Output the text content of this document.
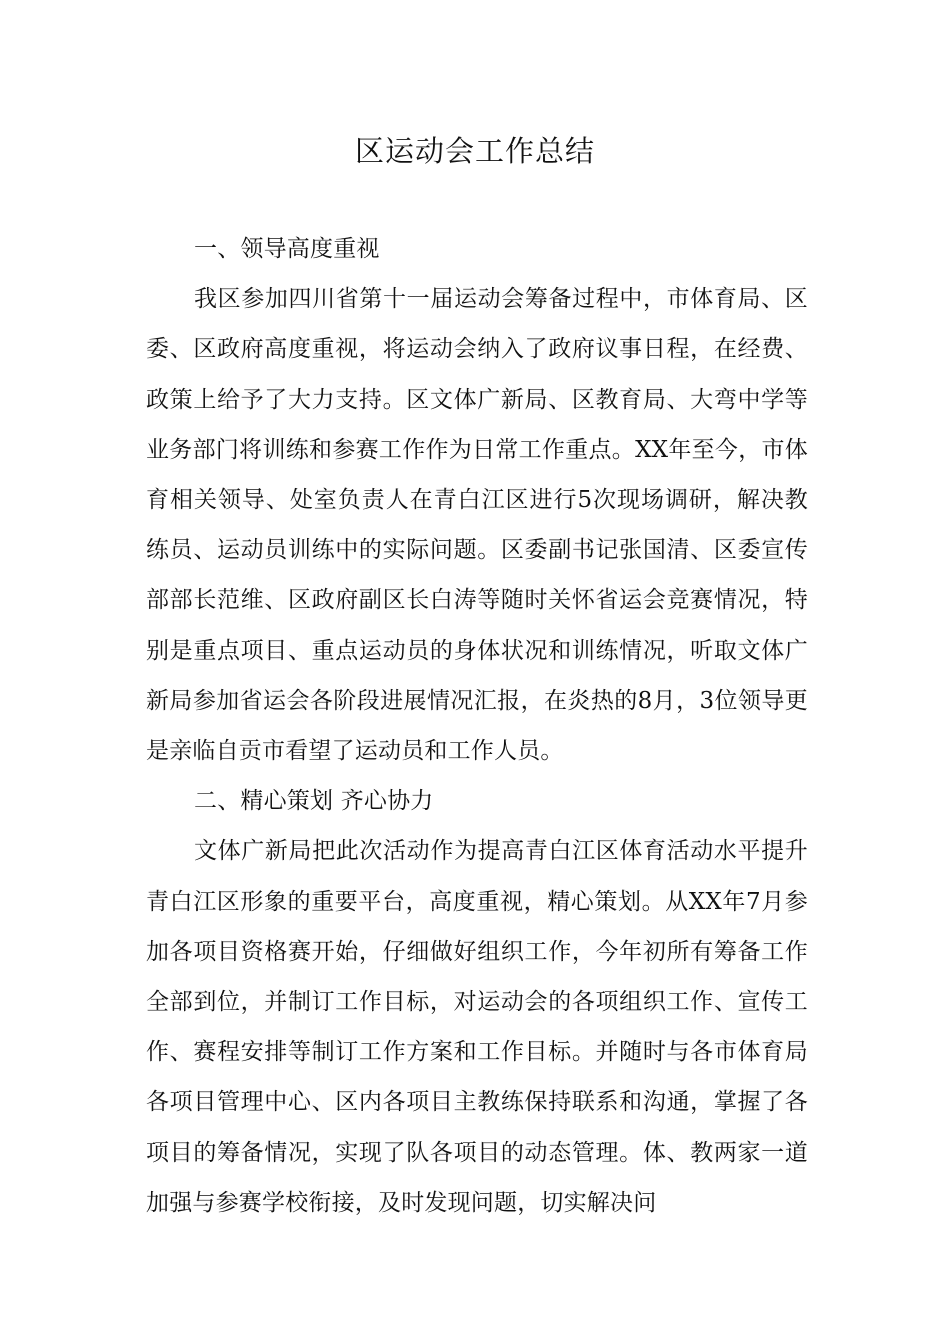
区运动会工作总结

一、领导高度重视

我区参加四川省第十一届运动会筹备过程中，市体育局、区委、区政府高度重视，将运动会纳入了政府议事日程，在经费、政策上给予了大力支持。区文体广新局、区教育局、大弯中学等业务部门将训练和参赛工作作为日常工作重点。XX年至今，市体育相关领导、处室负责人在青白江区进行5次现场调研，解决教练员、运动员训练中的实际问题。区委副书记张国清、区委宣传部部长范维、区政府副区长白涛等随时关怀省运会竞赛情况，特别是重点项目、重点运动员的身体状况和训练情况，听取文体广新局参加省运会各阶段进展情况汇报，在炎热的8月，3位领导更是亲临自贡市看望了运动员和工作人员。

二、精心策划 齐心协力

文体广新局把此次活动作为提高青白江区体育活动水平提升青白江区形象的重要平台，高度重视，精心策划。从XX年7月参加各项目资格赛开始，仔细做好组织工作，今年初所有筹备工作全部到位，并制订工作目标，对运动会的各项组织工作、宣传工作、赛程安排等制订工作方案和工作目标。并随时与各市体育局各项目管理中心、区内各项目主教练保持联系和沟通，掌握了各项目的筹备情况，实现了队各项目的动态管理。体、教两家一道加强与参赛学校衔接，及时发现问题，切实解决问
